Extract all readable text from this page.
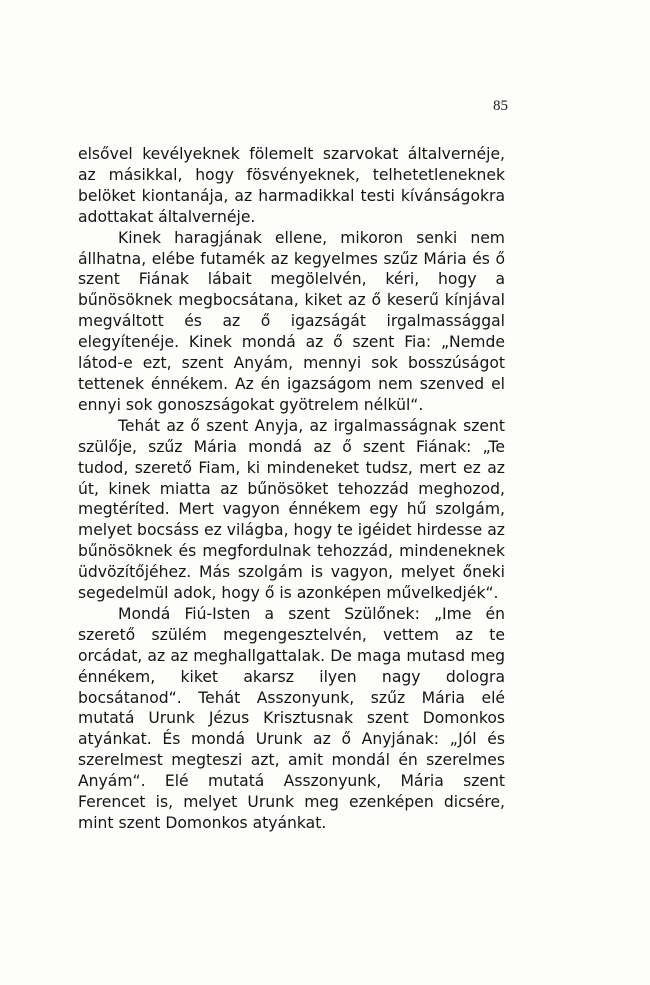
85

elsővel kevélyeknek fölemelt szarvokat általvernéje, az másikkal, hogy fösvényeknek, telhetetleneknek belöket kiontanája, az harmadikkal testi kívánságokra adottakat általvernéje.

Kinek haragjának ellene, mikoron senki nem állhatna, elébe futamék az kegyelmes szűz Mária és ő szent Fiának lábait megölelvén, kéri, hogy a bűnösöknek megbocsátana, kiket az ő keserű kínjával megváltott és az ő igazságát irgalmassággal elegyítenéje. Kinek mondá az ő szent Fia: „Nemde látod-e ezt, szent Anyám, mennyi sok bosszúságot tettenek énnékem. Az én igazságom nem szenved el ennyi sok gonoszságokat gyötrelem nélkül“.

Tehát az ő szent Anyja, az irgalmasságnak szent szülője, szűz Mária mondá az ő szent Fiának: „Te tudod, szerető Fiam, ki mindeneket tudsz, mert ez az út, kinek miatta az bűnösöket tehozzád meghozod, megtéríted. Mert vagyon énnékem egy hű szolgám, melyet bocsáss ez világba, hogy te igéidet hirdesse az bűnösöknek és megfordulnak tehozzád, mindeneknek üdvözítőjéhez. Más szolgám is vagyon, melyet őneki segedelmül adok, hogy ő is azonképen művelkedjék“.

Mondá Fiú-Isten a szent Szülőnek: „Ime én szerető szülém megengesztelvén, vettem az te orcádat, az az meghallgattalak. De maga mutasd meg énnékem, kiket akarsz ilyen nagy dologra bocsátanod“. Tehát Asszonyunk, szűz Mária elé mutatá Urunk Jézus Krisztusnak szent Domonkos atyánkat. És mondá Urunk az ő Anyjának: „Jól és szerelmest megteszi azt, amit mondál én szerelmes Anyám“. Elé mutatá Asszonyunk, Mária szent Ferencet is, melyet Urunk meg ezenképen dicsére, mint szent Domonkos atyánkat.
